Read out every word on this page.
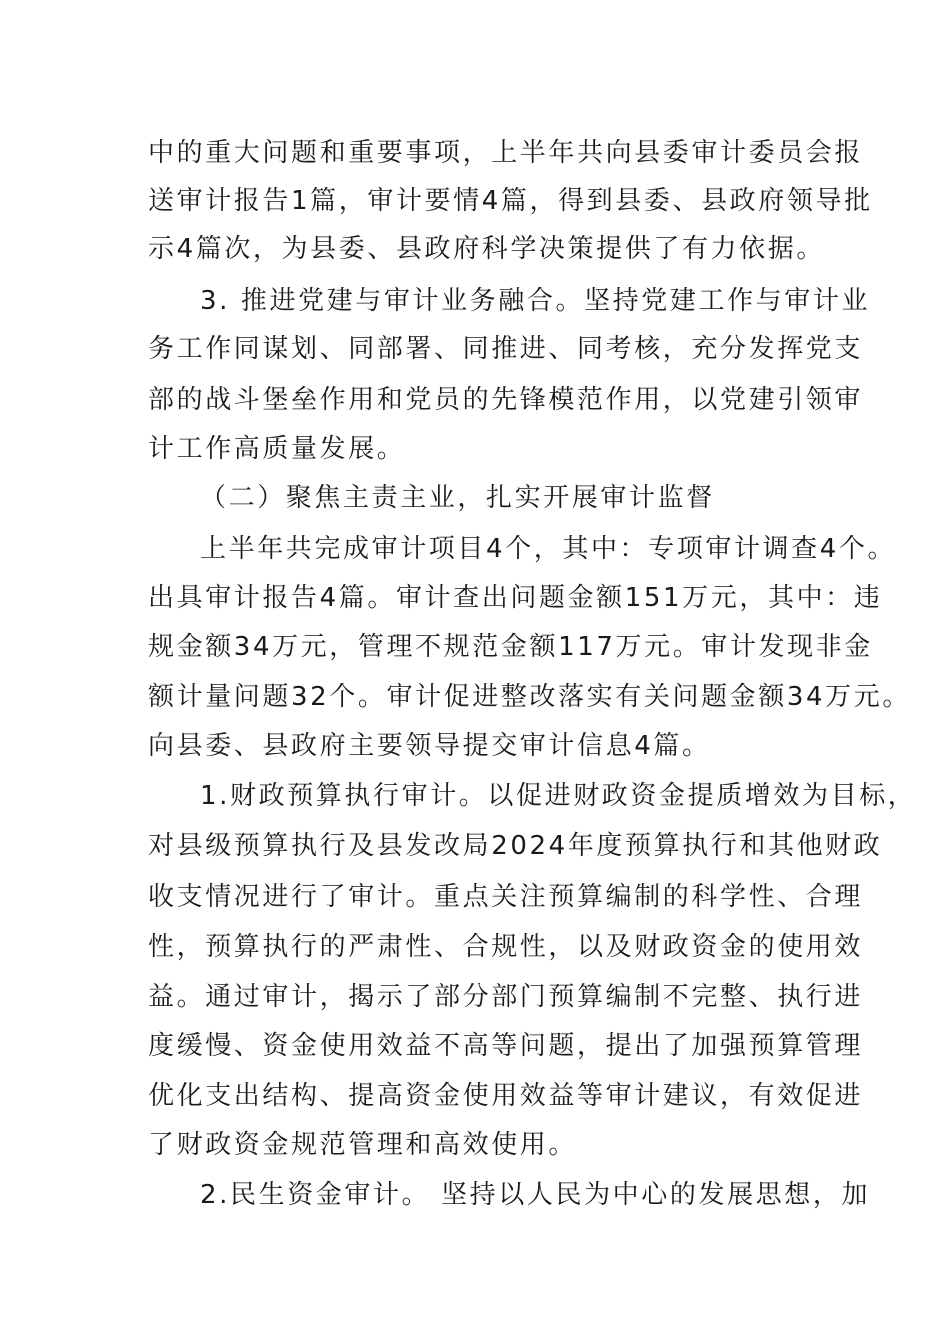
中的重大问题和重要事项，上半年共向县委审计委员会报
送审计报告1篇，审计要情4篇，得到县委、县政府领导批
示4篇次，为县委、县政府科学决策提供了有力依据。
3. 推进党建与审计业务融合。坚持党建工作与审计业
务工作同谋划、同部署、同推进、同考核，充分发挥党支
部的战斗堡垒作用和党员的先锋模范作用，以党建引领审
计工作高质量发展。
（二）聚焦主责主业，扎实开展审计监督
上半年共完成审计项目4个，其中：专项审计调查4个。
出具审计报告4篇。审计查出问题金额151万元，其中：违
规金额34万元，管理不规范金额117万元。审计发现非金
额计量问题32个。审计促进整改落实有关问题金额34万元。
向县委、县政府主要领导提交审计信息4篇。
1.财政预算执行审计。以促进财政资金提质增效为目标，
对县级预算执行及县发改局2024年度预算执行和其他财政
收支情况进行了审计。重点关注预算编制的科学性、合理
性，预算执行的严肃性、合规性，以及财政资金的使用效
益。通过审计，揭示了部分部门预算编制不完整、执行进
度缓慢、资金使用效益不高等问题，提出了加强预算管理
优化支出结构、提高资金使用效益等审计建议，有效促进
了财政资金规范管理和高效使用。
2.民生资金审计。 坚持以人民为中心的发展思想，加
